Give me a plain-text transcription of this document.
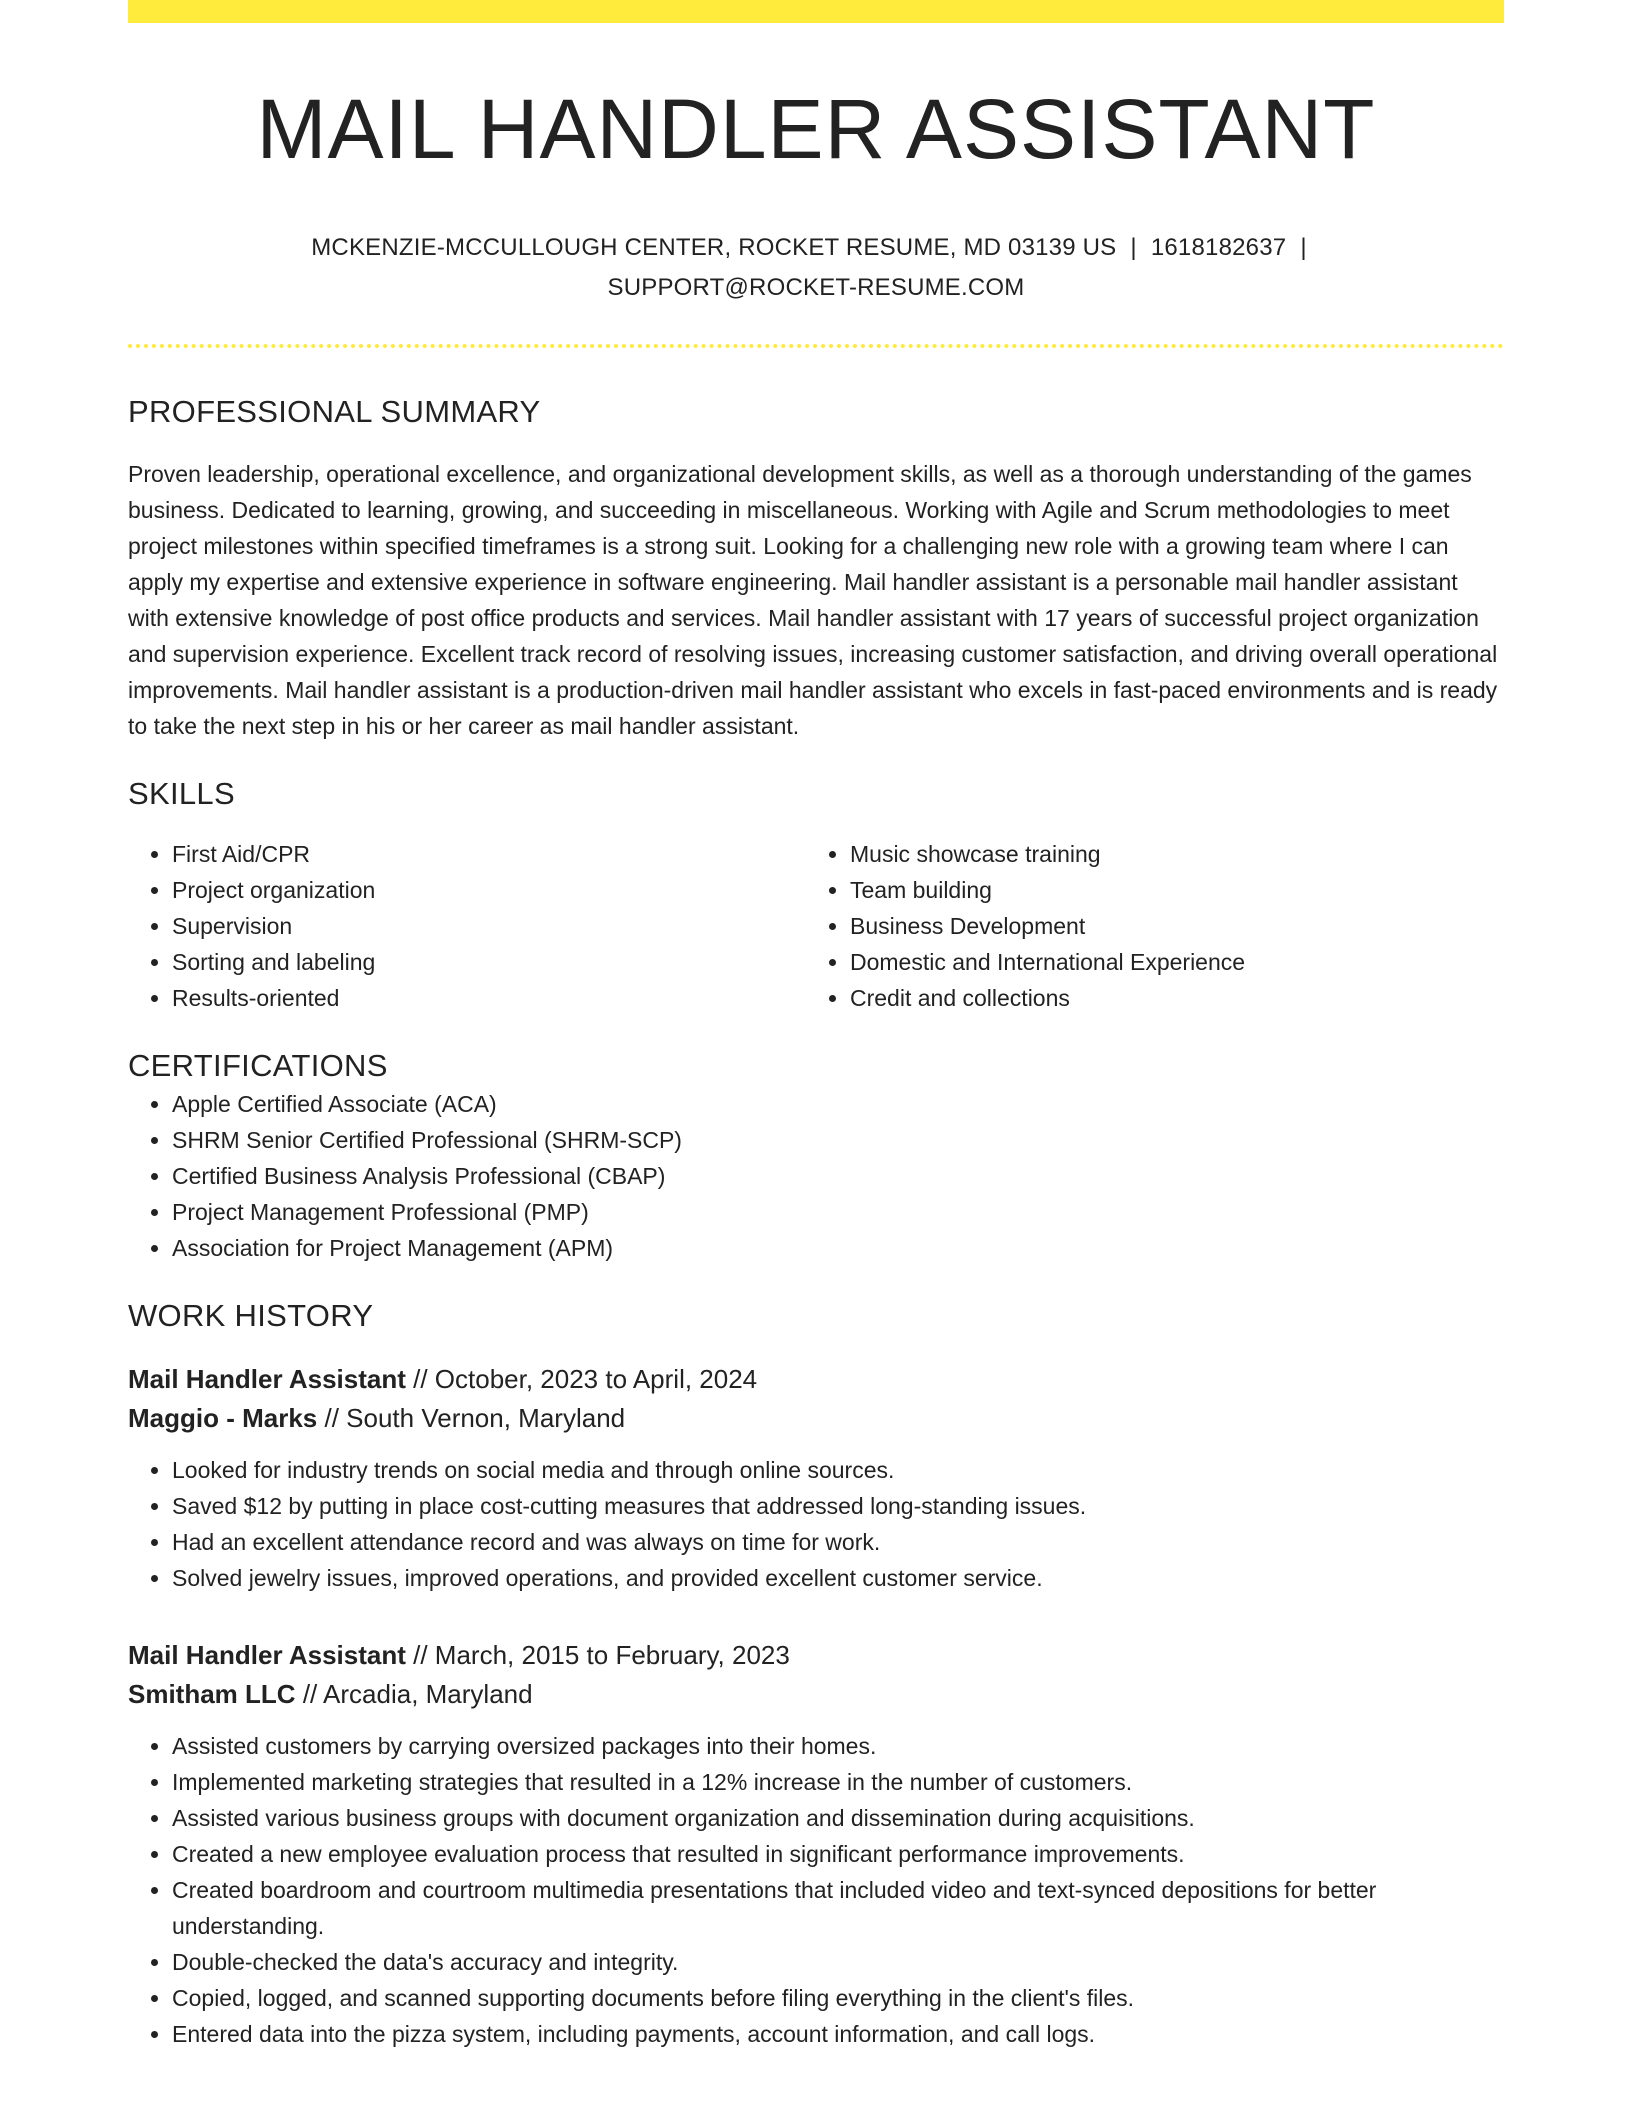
MAIL HANDLER ASSISTANT
MCKENZIE-MCCULLOUGH CENTER, ROCKET RESUME, MD 03139 US | 1618182637 |
SUPPORT@ROCKET-RESUME.COM
PROFESSIONAL SUMMARY

Proven leadership, operational excellence, and organizational development skills, as well as a thorough understanding of the games business. Dedicated to learning, growing, and succeeding in miscellaneous. Working with Agile and Scrum methodologies to meet project milestones within specified timeframes is a strong suit. Looking for a challenging new role with a growing team where I can apply my expertise and extensive experience in software engineering. Mail handler assistant is a personable mail handler assistant with extensive knowledge of post office products and services. Mail handler assistant with 17 years of successful project organization and supervision experience. Excellent track record of resolving issues, increasing customer satisfaction, and driving overall operational improvements. Mail handler assistant is a production-driven mail handler assistant who excels in fast-paced environments and is ready to take the next step in his or her career as mail handler assistant.

SKILLS
• First Aid/CPR
• Project organization
• Supervision
• Sorting and labeling
• Results-oriented
• Music showcase training
• Team building
• Business Development
• Domestic and International Experience
• Credit and collections
CERTIFICATIONS
• Apple Certified Associate (ACA)
• SHRM Senior Certified Professional (SHRM-SCP)
• Certified Business Analysis Professional (CBAP)
• Project Management Professional (PMP)
• Association for Project Management (APM)
WORK HISTORY
Mail Handler Assistant // October, 2023 to April, 2024
Maggio - Marks // South Vernon, Maryland
• Looked for industry trends on social media and through online sources.
• Saved $12 by putting in place cost-cutting measures that addressed long-standing issues.
• Had an excellent attendance record and was always on time for work.
• Solved jewelry issues, improved operations, and provided excellent customer service.
Mail Handler Assistant // March, 2015 to February, 2023
Smitham LLC // Arcadia, Maryland
• Assisted customers by carrying oversized packages into their homes.
• Implemented marketing strategies that resulted in a 12% increase in the number of customers.
• Assisted various business groups with document organization and dissemination during acquisitions.
• Created a new employee evaluation process that resulted in significant performance improvements.
• Created boardroom and courtroom multimedia presentations that included video and text-synced depositions for better understanding.
• Double-checked the data's accuracy and integrity.
• Copied, logged, and scanned supporting documents before filing everything in the client's files.
• Entered data into the pizza system, including payments, account information, and call logs.
